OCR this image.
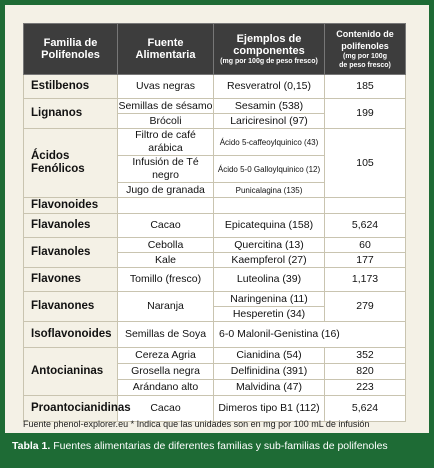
Familia de
Polifenoles	Fuente
Alimentaria	Ejemplos de
componentes
(mg por 100g de peso fresco)	Contenido de
polifenoles
(mg por 100g
de peso fresco)

Estilbenos	Uvas negras	Resveratrol (0,15)	185
Lignanos	Semillas de sésamo	Sesamin (538)	199
	Brócoli	Lariciresinol (97)	
Ácidos Fenólicos	Filtro de café arábica	Ácido 5-caffeoylquinico (43)	105
	Infusión de Té negro	Ácido 5-0 Galloylquinico (12)	
	Jugo de granada	Punicalagina (135)	
Flavonoides			
Flavanoles	Cacao	Epicatequina (158)	5,624
Flavanoles	Cebolla	Quercitina (13)	60
	Kale	Kaempferol (27)	177
Flavones	Tomillo (fresco)	Luteolina (39)	1,173
Flavanones	Naranja	Naringenina (11)	279
		Hesperetin (34)	
Isoflavonoides	Semillas de Soya	6-0 Malonil-Genistina (16)	
Antocianinas	Cereza Agria	Cianidina (54)	352
	Grosella negra	Delfinidina (391)	820
	Arándano alto	Malvidina (47)	223
Proantocianidinas	Cacao	Dimeros tipo B1 (112)	5,624
Fuente phenol-explorer.eu * Indica que las unidades son en mg por 100 mL de infusión
Tabla 1. Fuentes alimentarias de diferentes familias y sub-familias de polifenoles
